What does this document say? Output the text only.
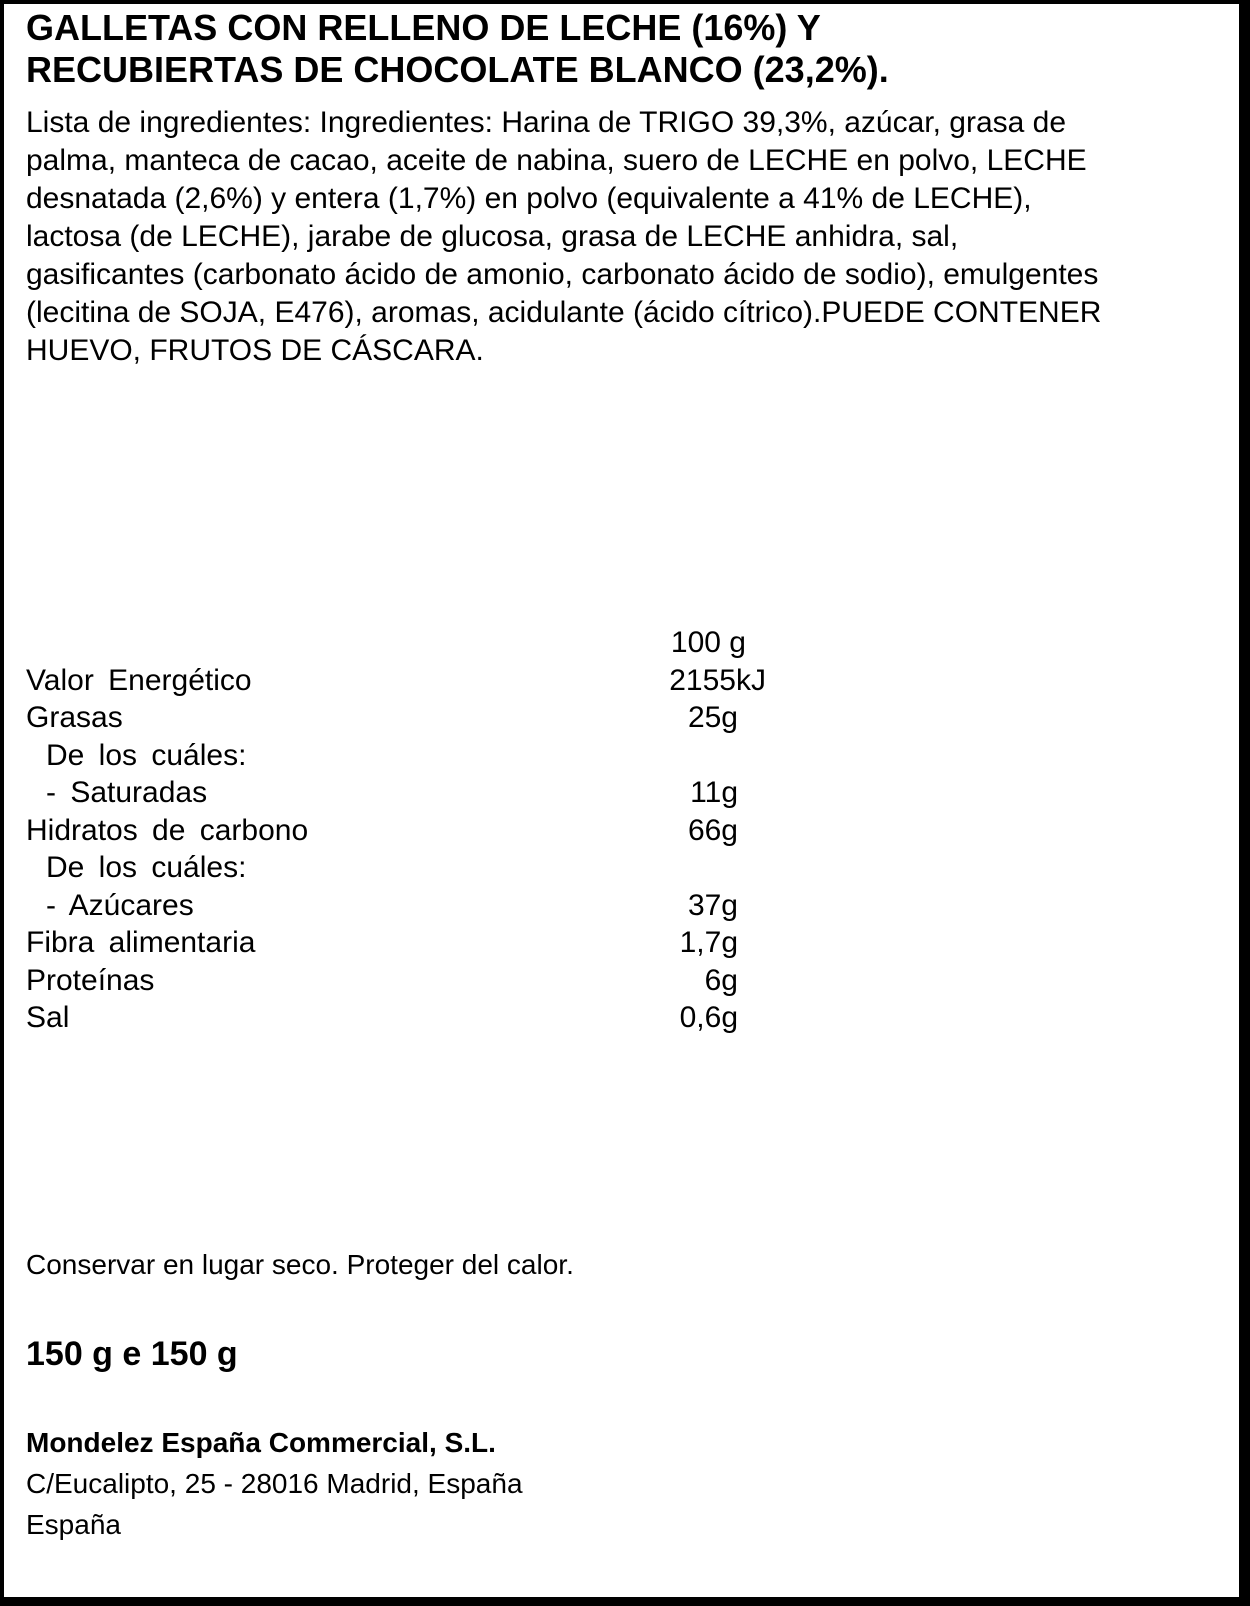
GALLETAS CON RELLENO DE LECHE (16%) Y
RECUBIERTAS DE CHOCOLATE BLANCO (23,2%).
Lista de ingredientes: Ingredientes: Harina de TRIGO 39,3%, azúcar, grasa de
palma, manteca de cacao, aceite de nabina, suero de LECHE en polvo, LECHE
desnatada (2,6%) y entera (1,7%) en polvo (equivalente a 41% de LECHE),
lactosa (de LECHE), jarabe de glucosa, grasa de LECHE anhidra, sal,
gasificantes (carbonato ácido de amonio, carbonato ácido de sodio), emulgentes
(lecitina de SOJA, E476), aromas, acidulante (ácido cítrico).PUEDE CONTENER
HUEVO, FRUTOS DE CÁSCARA.
100 g
Valor Energético	2155kJ
Grasas	25g
De los cuáles:
- Saturadas	11g
Hidratos de carbono	66g
De los cuáles:
- Azúcares	37g
Fibra alimentaria	1,7g
Proteínas	6g
Sal	0,6g
Conservar en lugar seco. Proteger del calor.
150 g e 150 g
Mondelez España Commercial, S.L.
C/Eucalipto, 25 - 28016 Madrid, España
España
